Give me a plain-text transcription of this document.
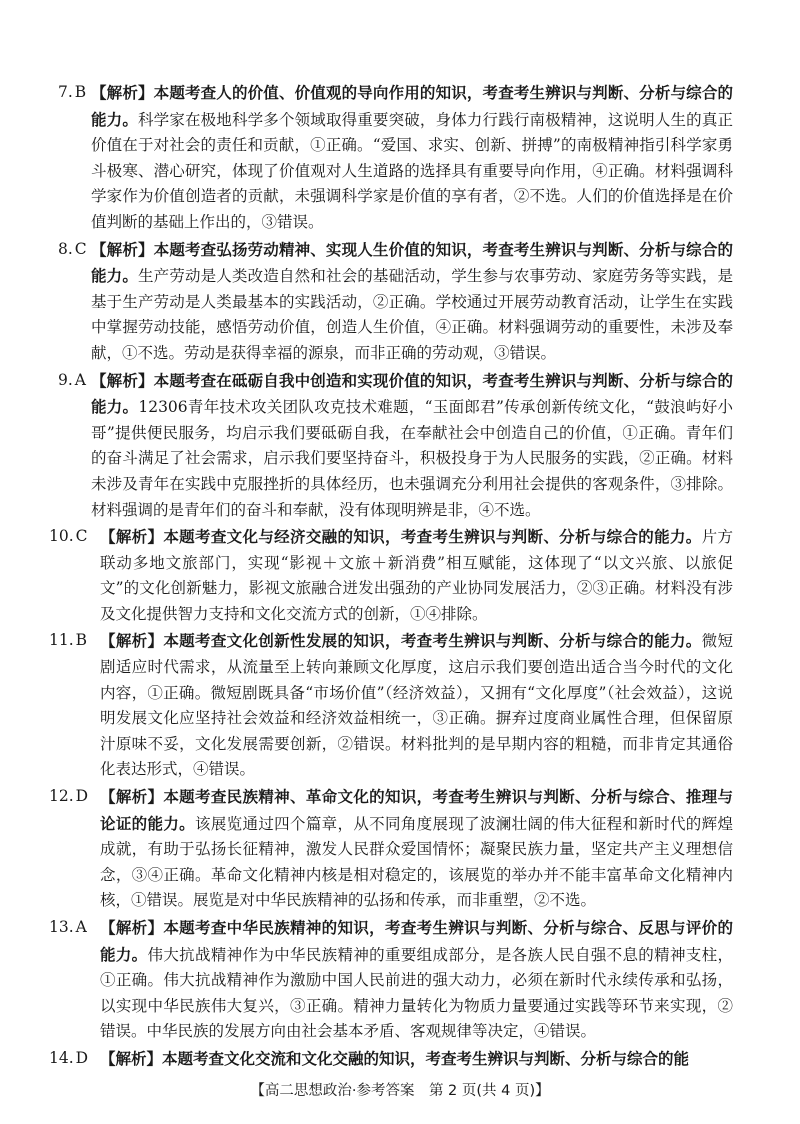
7. B 【解析】本题考查人的价值、价值观的导向作用的知识，考查考生辨识与判断、分析与综合的能力。科学家在极地科学多个领域取得重要突破，身体力行践行南极精神，这说明人生的真正价值在于对社会的责任和贡献，①正确。“爱国、求实、创新、拼搏”的南极精神指引科学家勇斗极寒、潜心研究，体现了价值观对人生道路的选择具有重要导向作用，④正确。材料强调科学家作为价值创造者的贡献，未强调科学家是价值的享有者，②不选。人们的价值选择是在价值判断的基础上作出的，③错误。
8. C 【解析】本题考查弘扬劳动精神、实现人生价值的知识，考查考生辨识与判断、分析与综合的能力。生产劳动是人类改造自然和社会的基础活动，学生参与农事劳动、家庭劳务等实践，是基于生产劳动是人类最基本的实践活动，②正确。学校通过开展劳动教育活动，让学生在实践中掌握劳动技能，感悟劳动价值，创造人生价值，④正确。材料强调劳动的重要性，未涉及奉献，①不选。劳动是获得幸福的源泉，而非正确的劳动观，③错误。
9. A 【解析】本题考查在砥砺自我中创造和实现价值的知识，考查考生辨识与判断、分析与综合的能力。12306青年技术攻关团队攻克技术难题，“玉面郎君”传承创新传统文化，“鼓浪屿好小哥”提供便民服务，均启示我们要砥砺自我，在奉献社会中创造自己的价值，①正确。青年们的奋斗满足了社会需求，启示我们要坚持奋斗，积极投身于为人民服务的实践，②正确。材料未涉及青年在实践中克服挫折的具体经历，也未强调充分利用社会提供的客观条件，③排除。材料强调的是青年们的奋斗和奉献，没有体现明辨是非，④不选。
10. C 【解析】本题考查文化与经济交融的知识，考查考生辨识与判断、分析与综合的能力。片方联动多地文旅部门，实现“影视＋文旅＋新消费”相互赋能，这体现了“以文兴旅、以旅促文”的文化创新魅力，影视文旅融合迸发出强劲的产业协同发展活力，②③正确。材料没有涉及文化提供智力支持和文化交流方式的创新，①④排除。
11. B 【解析】本题考查文化创新性发展的知识，考查考生辨识与判断、分析与综合的能力。微短剧适应时代需求，从流量至上转向兼顾文化厚度，这启示我们要创造出适合当今时代的文化内容，①正确。微短剧既具备“市场价值”（经济效益），又拥有“文化厚度”（社会效益），这说明发展文化应坚持社会效益和经济效益相统一，③正确。摒弃过度商业属性合理，但保留原汁原味不妥，文化发展需要创新，②错误。材料批判的是早期内容的粗糙，而非肯定其通俗化表达形式，④错误。
12. D 【解析】本题考查民族精神、革命文化的知识，考查考生辨识与判断、分析与综合、推理与论证的能力。该展览通过四个篇章，从不同角度展现了波澜壮阔的伟大征程和新时代的辉煌成就，有助于弘扬长征精神，激发人民群众爱国情怀；凝聚民族力量，坚定共产主义理想信念，③④正确。革命文化精神内核是相对稳定的，该展览的举办并不能丰富革命文化精神内核，①错误。展览是对中华民族精神的弘扬和传承，而非重塑，②不选。
13. A 【解析】本题考查中华民族精神的知识，考查考生辨识与判断、分析与综合、反思与评价的能力。伟大抗战精神作为中华民族精神的重要组成部分，是各族人民自强不息的精神支柱，①正确。伟大抗战精神作为激励中国人民前进的强大动力，必须在新时代永续传承和弘扬，以实现中华民族伟大复兴，③正确。精神力量转化为物质力量要通过实践等环节来实现，②错误。中华民族的发展方向由社会基本矛盾、客观规律等决定，④错误。
14. D 【解析】本题考查文化交流和文化交融的知识，考查考生辨识与判断、分析与综合的能
【高二思想政治·参考答案　第 2 页(共 4 页)】
